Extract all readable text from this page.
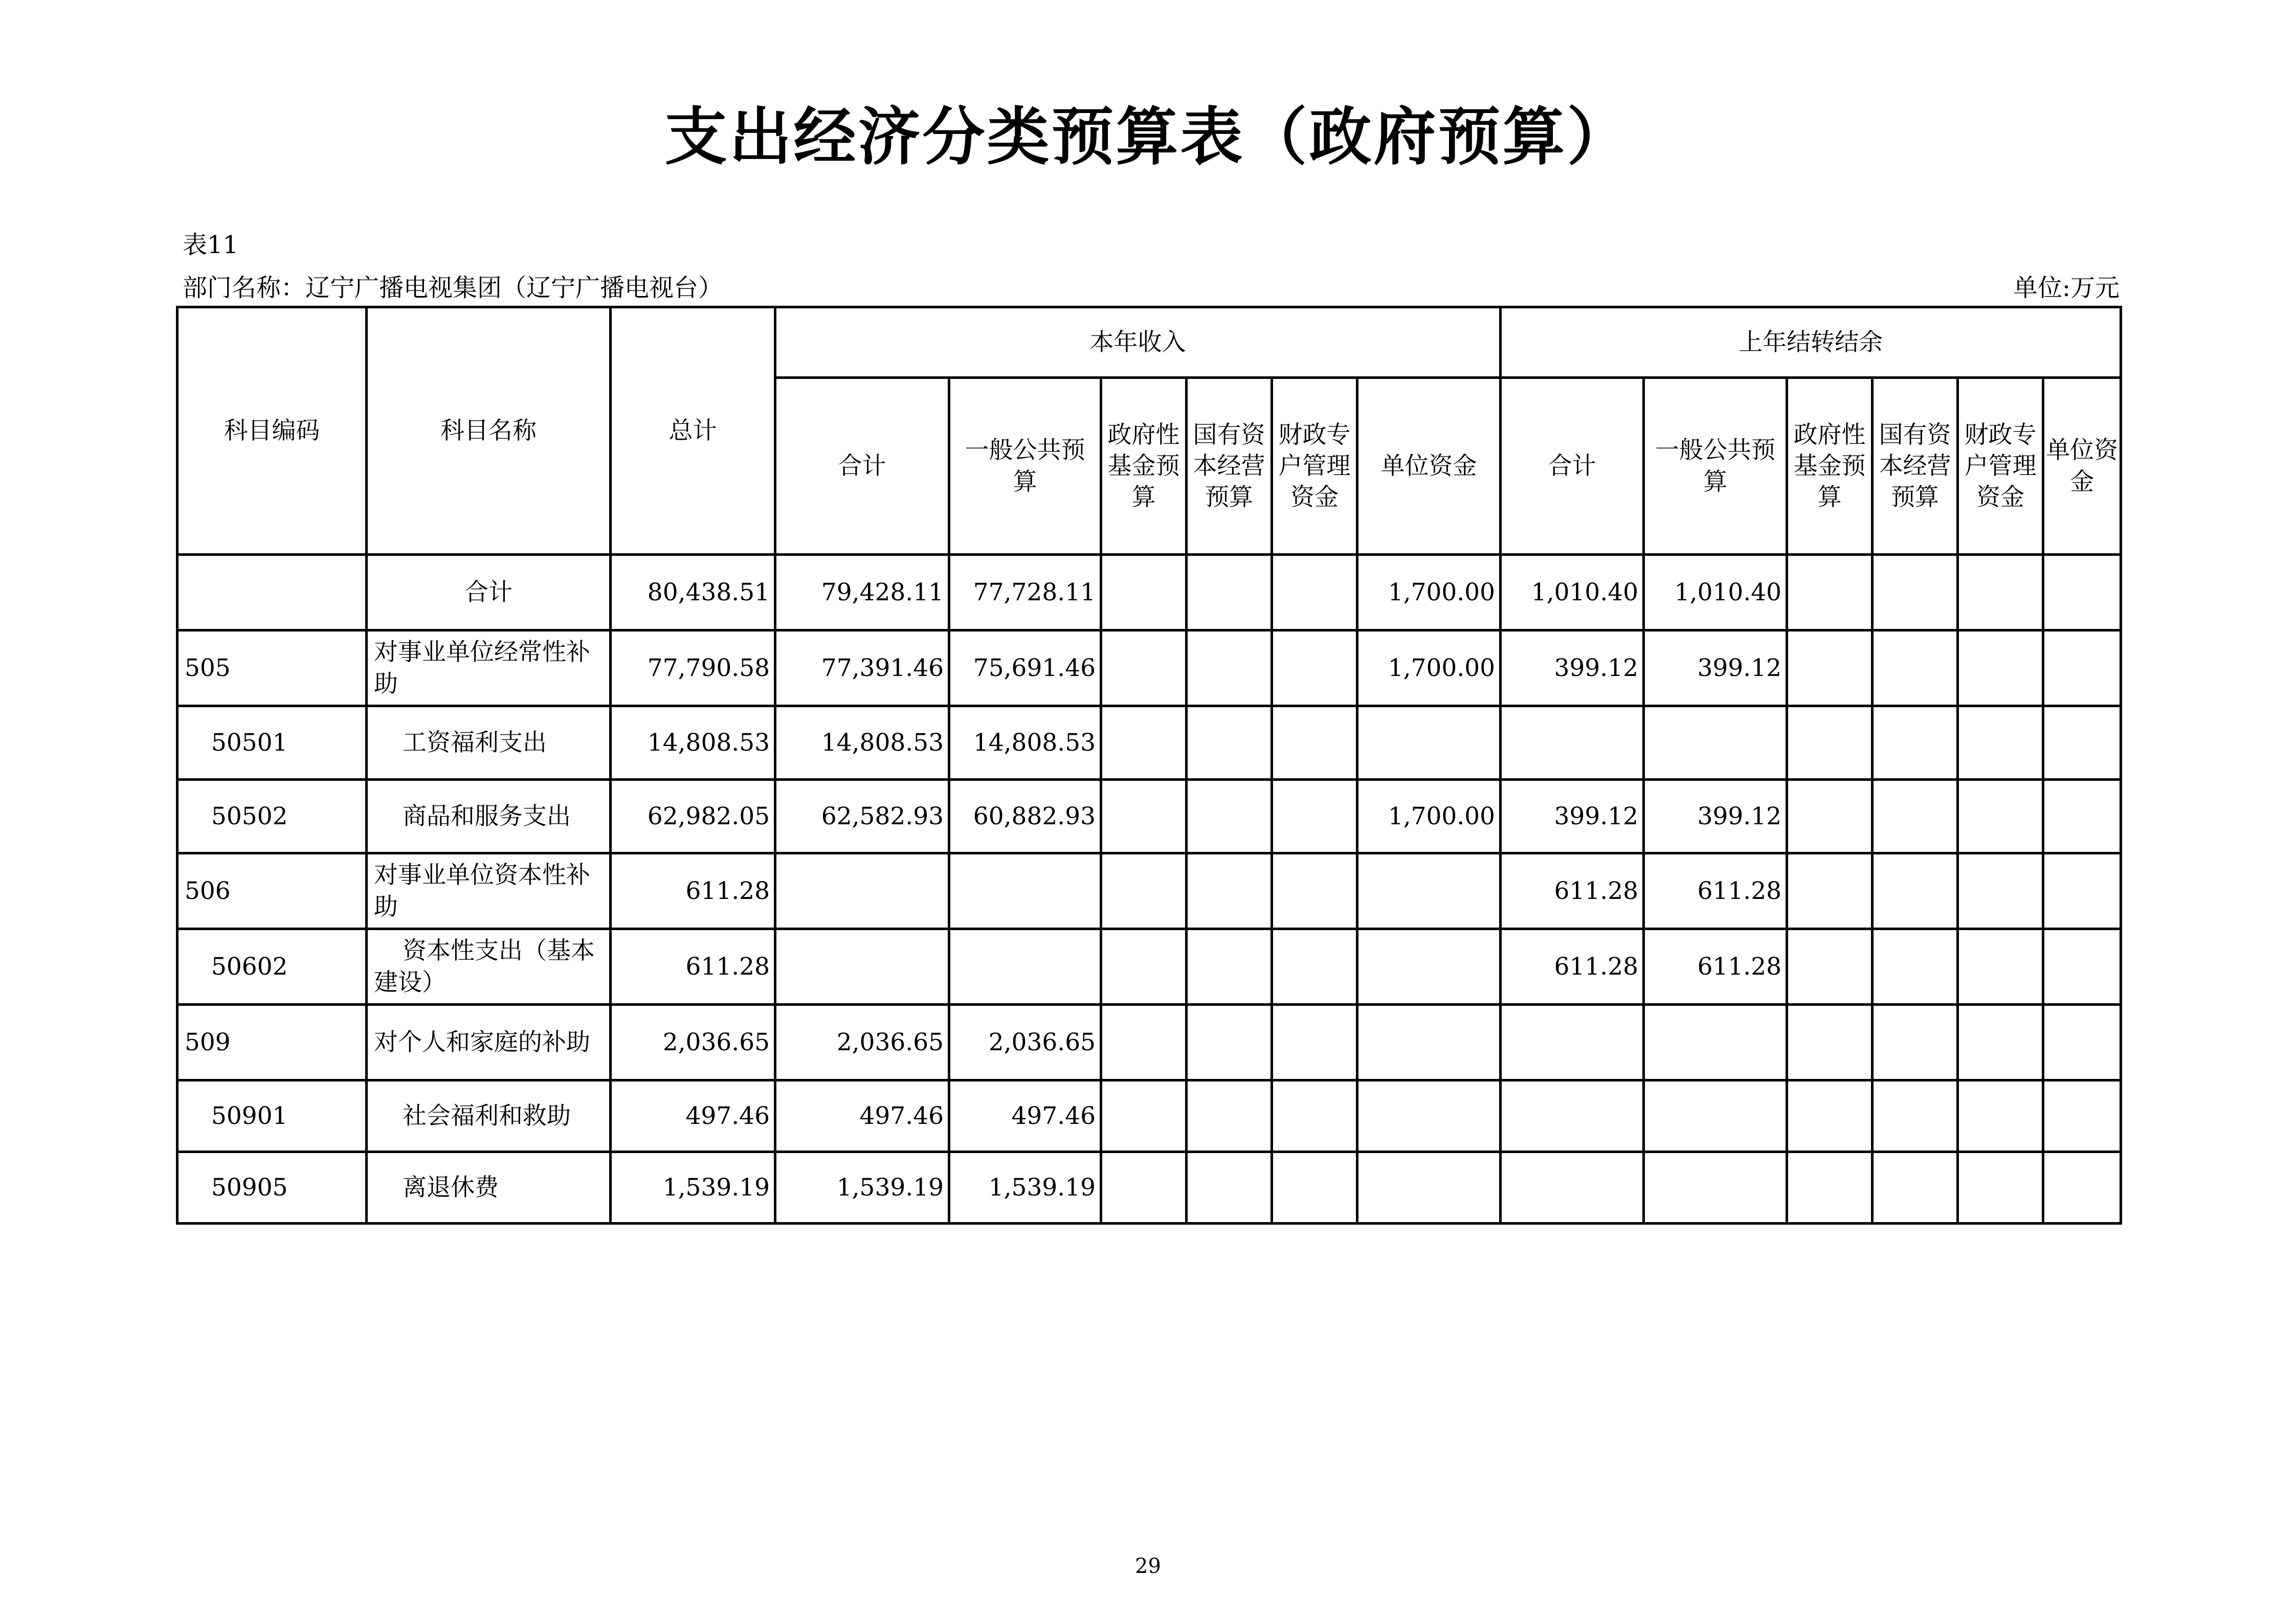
支出经济分类预算表（政府预算）
表11
部门名称：辽宁广播电视集团（辽宁广播电视台）	单位:万元
科目编码	科目名称	总计	本年收入						上年结转结余					
			合计	一般公共预算	政府性基金预算	国有资本经营预算	财政专户管理资金	单位资金	合计	一般公共预算	政府性基金预算	国有资本经营预算	财政专户管理资金	单位资金
	合计	80,438.51	79,428.11	77,728.11				1,700.00	1,010.40	1,010.40				
505	对事业单位经常性补助	77,790.58	77,391.46	75,691.46				1,700.00	399.12	399.12				
50501	工资福利支出	14,808.53	14,808.53	14,808.53										
50502	商品和服务支出	62,982.05	62,582.93	60,882.93				1,700.00	399.12	399.12				
506	对事业单位资本性补助	611.28							611.28	611.28				
50602	资本性支出（基本建设）	611.28							611.28	611.28				
509	对个人和家庭的补助	2,036.65	2,036.65	2,036.65										
50901	社会福利和救助	497.46	497.46	497.46										
50905	离退休费	1,539.19	1,539.19	1,539.19										
29
